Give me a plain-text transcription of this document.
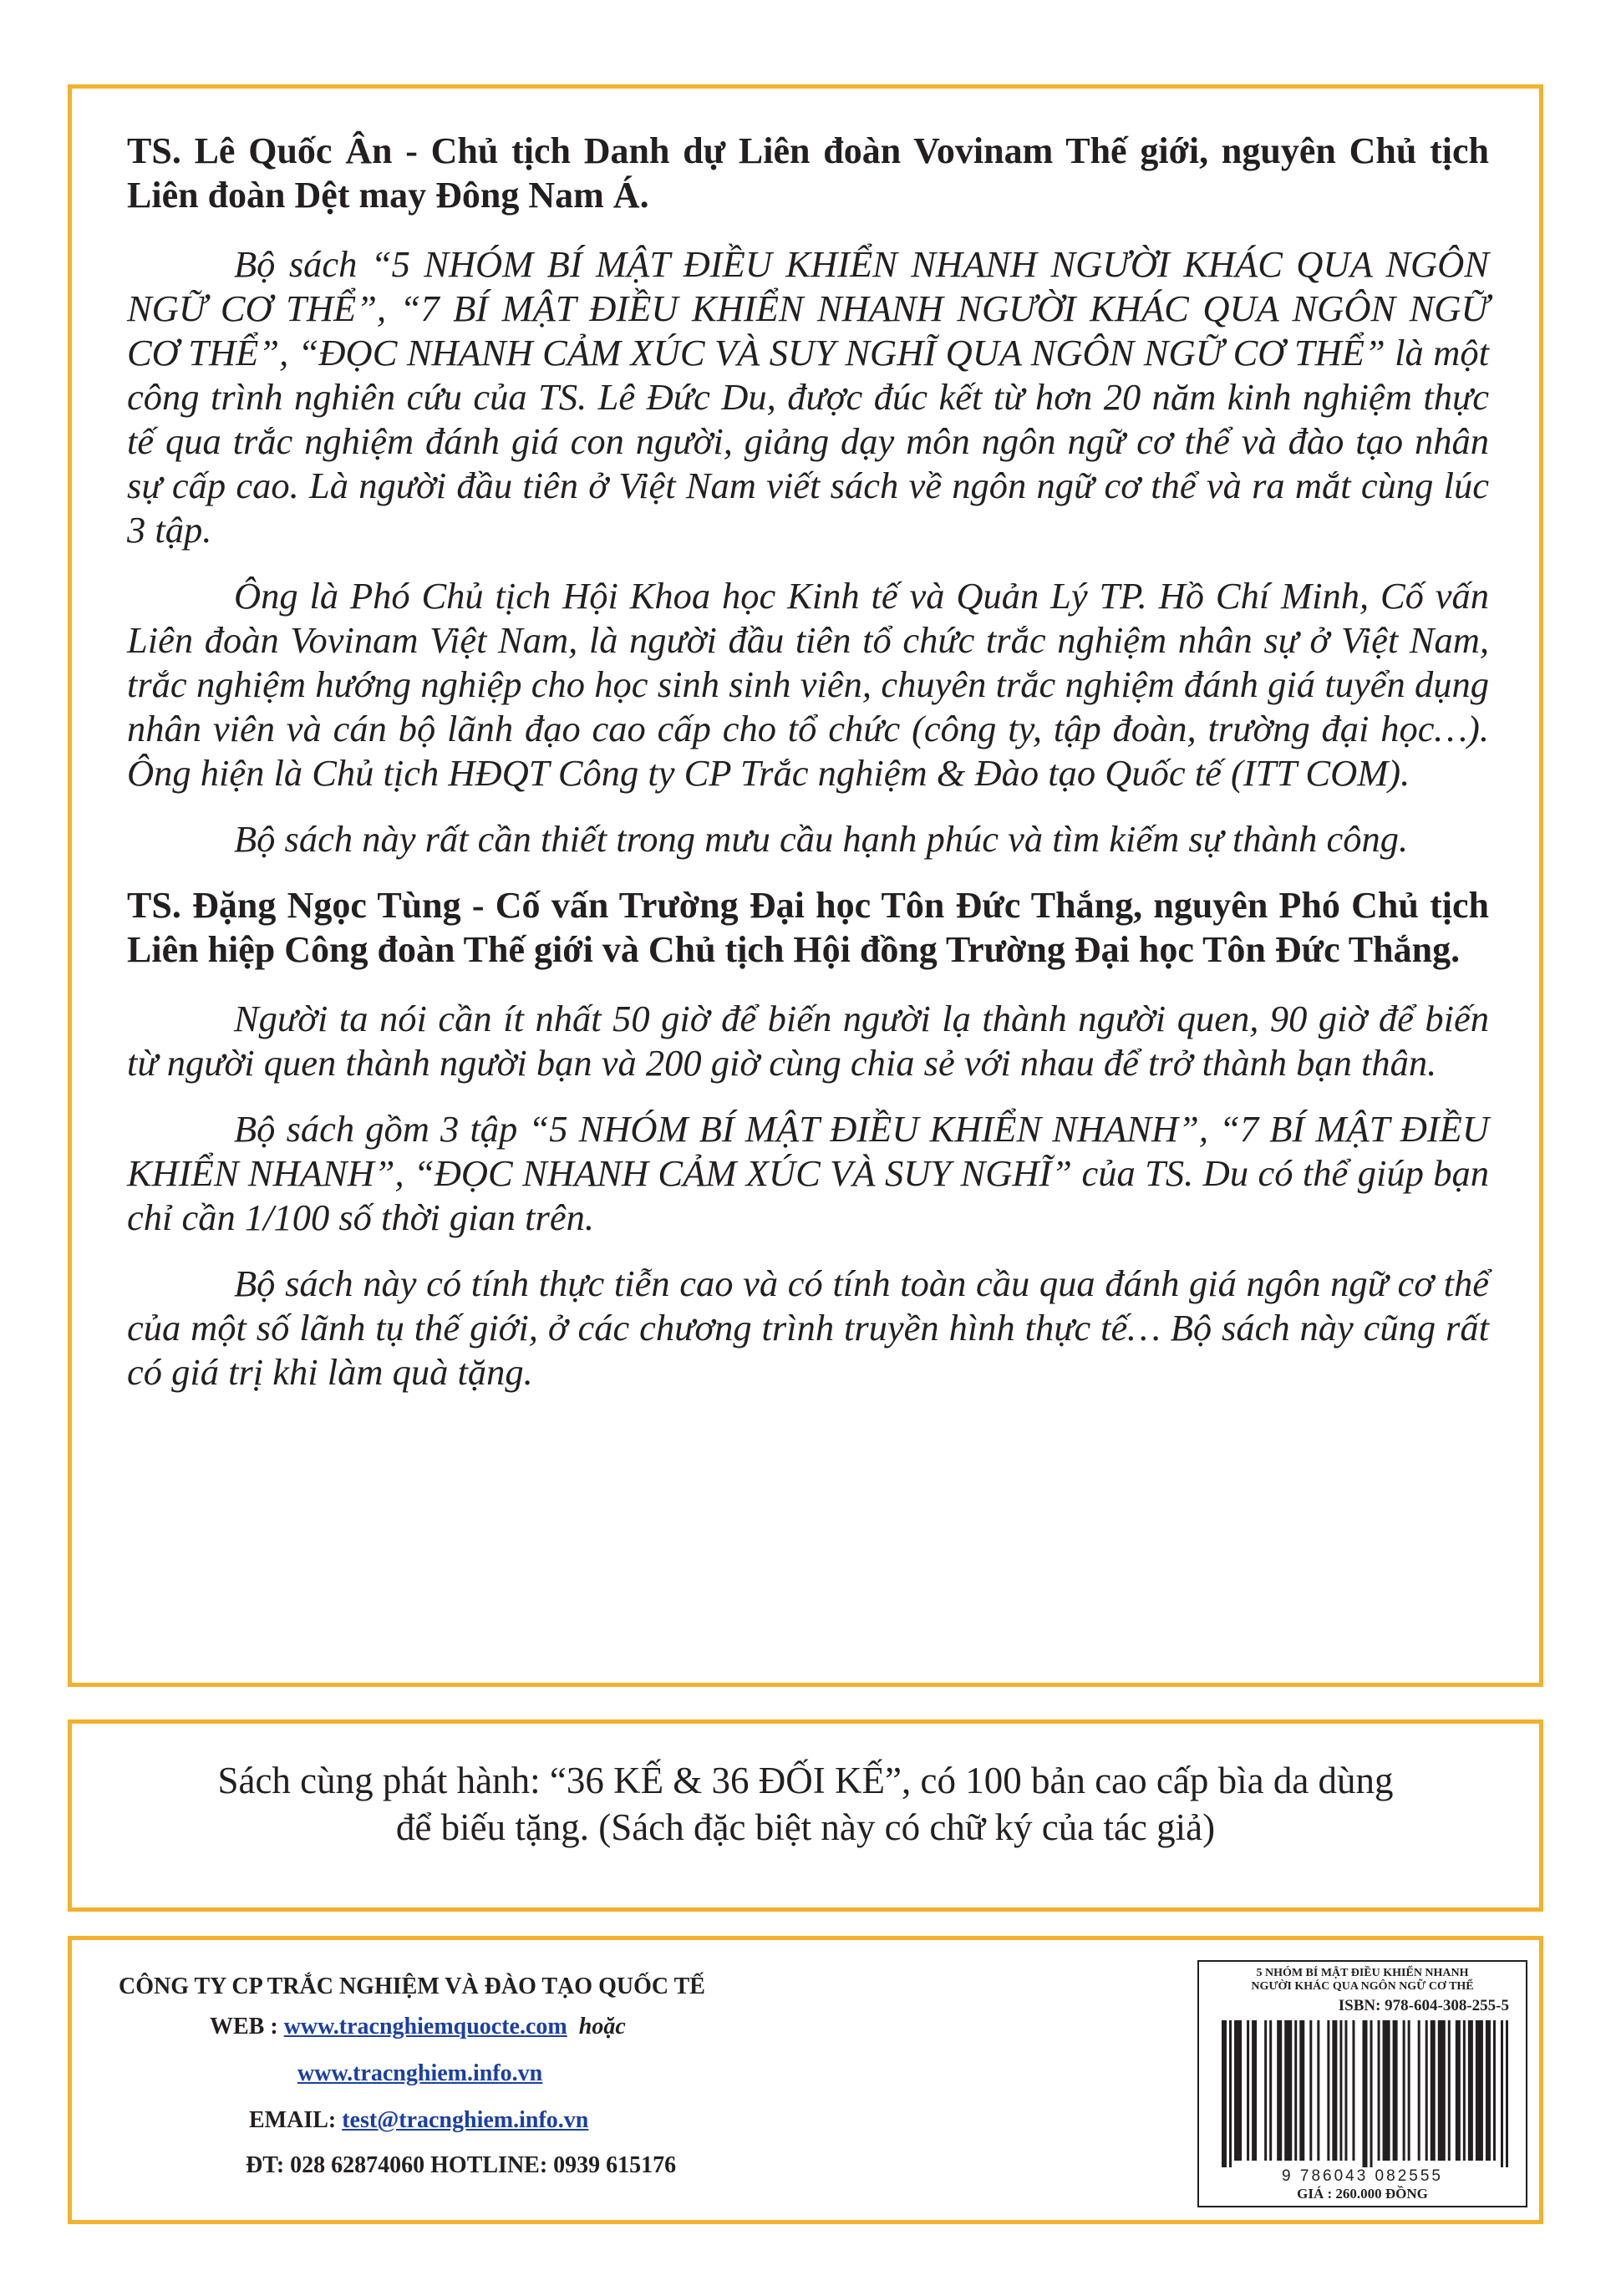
TS. Lê Quốc Ân - Chủ tịch Danh dự Liên đoàn Vovinam Thế giới, nguyên Chủ tịch Liên đoàn Dệt may Đông Nam Á.

Bộ sách “5 NHÓM BÍ MẬT ĐIỀU KHIỂN NHANH NGƯỜI KHÁC QUA NGÔN NGỮ CƠ THỂ”, “7 BÍ MẬT ĐIỀU KHIỂN NHANH NGƯỜI KHÁC QUA NGÔN NGỮ CƠ THỂ”, “ĐỌC NHANH CẢM XÚC VÀ SUY NGHĨ QUA NGÔN NGỮ CƠ THỂ” là một công trình nghiên cứu của TS. Lê Đức Du, được đúc kết từ hơn 20 năm kinh nghiệm thực tế qua trắc nghiệm đánh giá con người, giảng dạy môn ngôn ngữ cơ thể và đào tạo nhân sự cấp cao. Là người đầu tiên ở Việt Nam viết sách về ngôn ngữ cơ thể và ra mắt cùng lúc 3 tập.

Ông là Phó Chủ tịch Hội Khoa học Kinh tế và Quản Lý TP. Hồ Chí Minh, Cố vấn Liên đoàn Vovinam Việt Nam, là người đầu tiên tổ chức trắc nghiệm nhân sự ở Việt Nam, trắc nghiệm hướng nghiệp cho học sinh sinh viên, chuyên trắc nghiệm đánh giá tuyển dụng nhân viên và cán bộ lãnh đạo cao cấp cho tổ chức (công ty, tập đoàn, trường đại học…). Ông hiện là Chủ tịch HĐQT Công ty CP Trắc nghiệm & Đào tạo Quốc tế (ITT COM).

Bộ sách này rất cần thiết trong mưu cầu hạnh phúc và tìm kiếm sự thành công.

TS. Đặng Ngọc Tùng - Cố vấn Trường Đại học Tôn Đức Thắng, nguyên Phó Chủ tịch Liên hiệp Công đoàn Thế giới và Chủ tịch Hội đồng Trường Đại học Tôn Đức Thắng.

Người ta nói cần ít nhất 50 giờ để biến người lạ thành người quen, 90 giờ để biến từ người quen thành người bạn và 200 giờ cùng chia sẻ với nhau để trở thành bạn thân.

Bộ sách gồm 3 tập “5 NHÓM BÍ MẬT ĐIỀU KHIỂN NHANH”, “7 BÍ MẬT ĐIỀU KHIỂN NHANH”, “ĐỌC NHANH CẢM XÚC VÀ SUY NGHĨ” của TS. Du có thể giúp bạn chỉ cần 1/100 số thời gian trên.

Bộ sách này có tính thực tiễn cao và có tính toàn cầu qua đánh giá ngôn ngữ cơ thể của một số lãnh tụ thế giới, ở các chương trình truyền hình thực tế… Bộ sách này cũng rất có giá trị khi làm quà tặng.

Sách cùng phát hành: “36 KẾ & 36 ĐỐI KẾ”, có 100 bản cao cấp bìa da dùng
để biếu tặng. (Sách đặc biệt này có chữ ký của tác giả)
CÔNG TY CP TRẮC NGHIỆM VÀ ĐÀO TẠO QUỐC TẾ
WEB : www.tracnghiemquocte.com hoặc
www.tracnghiem.info.vn
EMAIL: test@tracnghiem.info.vn
ĐT: 028 62874060 HOTLINE: 0939 615176
5 NHÓM BÍ MẬT ĐIỀU KHIỂN NHANH
NGƯỜI KHÁC QUA NGÔN NGỮ CƠ THỂ
ISBN: 978-604-308-255-5
9 786043 082555
GIÁ : 260.000 ĐỒNG
